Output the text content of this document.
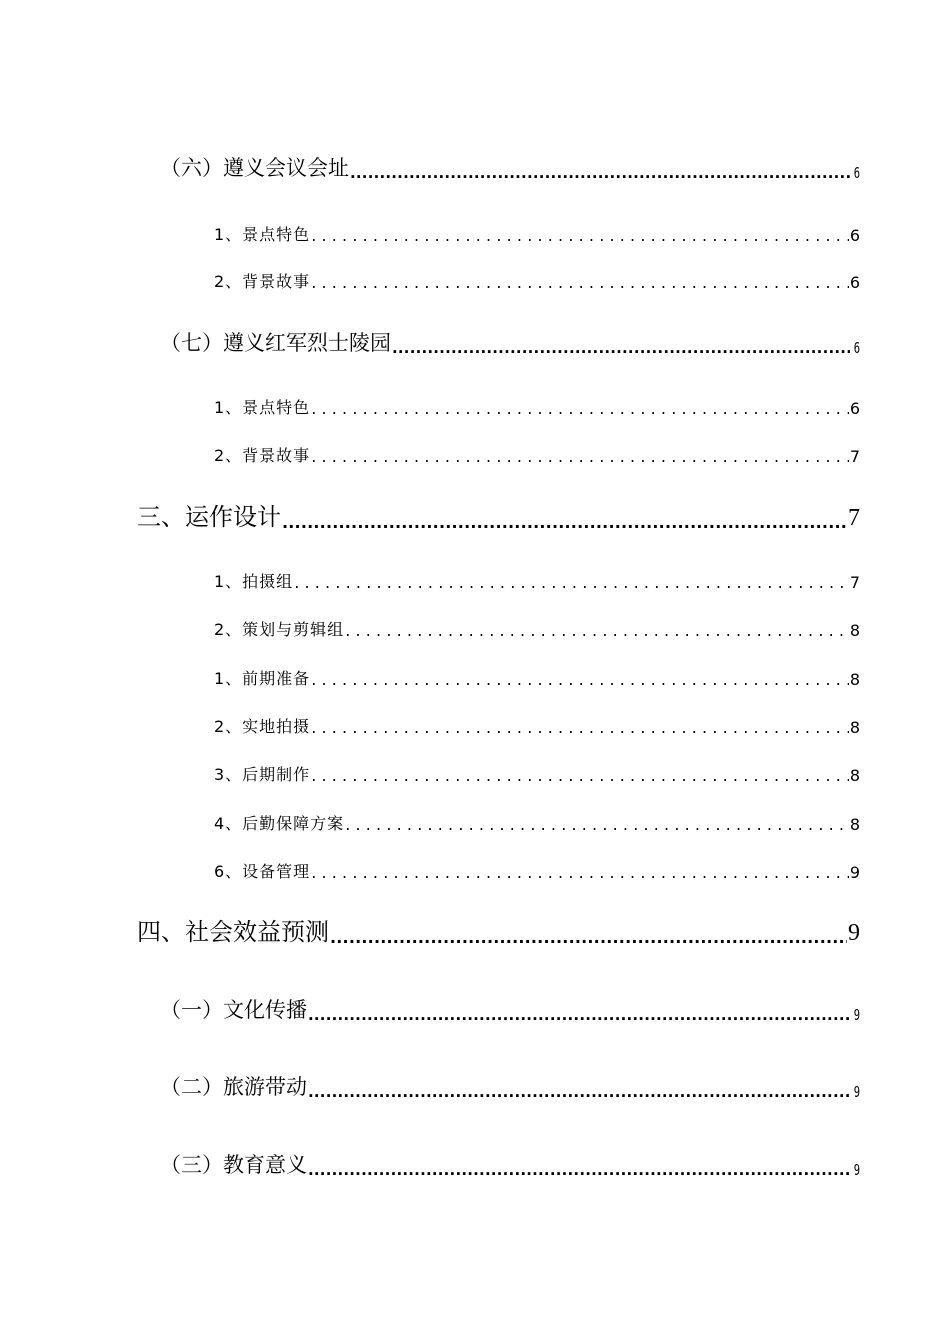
（六）遵义会议会址 .....	6
1、景点特色 .....	6
2、背景故事 .....	6
（七）遵义红军烈士陵园 .....	6
1、景点特色 .....	6
2、背景故事 .....	7
三、运作设计 .....	7
1、拍摄组 .....	7
2、策划与剪辑组 .....	8
1、前期准备 .....	8
2、实地拍摄 .....	8
3、后期制作 .....	8
4、后勤保障方案 .....	8
6、设备管理 .....	9
四、社会效益预测 .....	9
（一）文化传播 .....	9
（二）旅游带动 .....	9
（三）教育意义 .....	9
